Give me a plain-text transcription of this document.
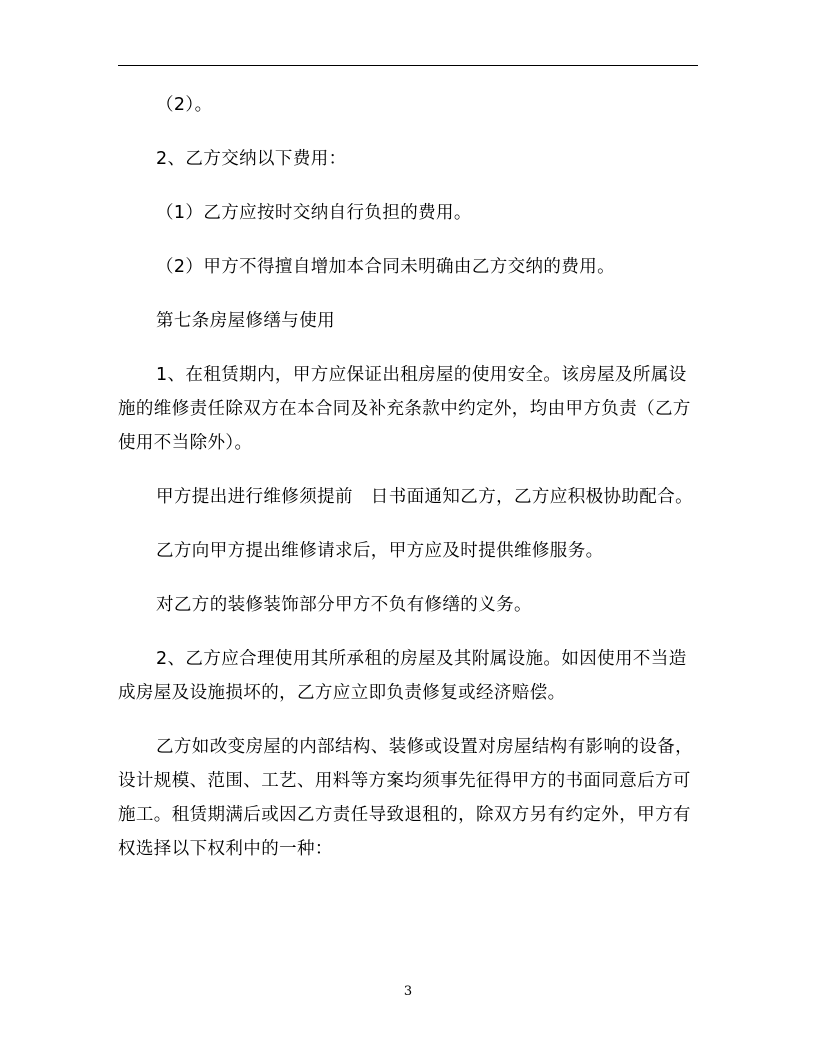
（2）。

2、乙方交纳以下费用：

（1）乙方应按时交纳自行负担的费用。

（2）甲方不得擅自增加本合同未明确由乙方交纳的费用。

第七条房屋修缮与使用

1、在租赁期内，甲方应保证出租房屋的使用安全。该房屋及所属设施的维修责任除双方在本合同及补充条款中约定外，均由甲方负责（乙方使用不当除外）。

甲方提出进行维修须提前　日书面通知乙方，乙方应积极协助配合。

乙方向甲方提出维修请求后，甲方应及时提供维修服务。

对乙方的装修装饰部分甲方不负有修缮的义务。

2、乙方应合理使用其所承租的房屋及其附属设施。如因使用不当造成房屋及设施损坏的，乙方应立即负责修复或经济赔偿。

乙方如改变房屋的内部结构、装修或设置对房屋结构有影响的设备，设计规模、范围、工艺、用料等方案均须事先征得甲方的书面同意后方可施工。租赁期满后或因乙方责任导致退租的，除双方另有约定外，甲方有权选择以下权利中的一种：

3
